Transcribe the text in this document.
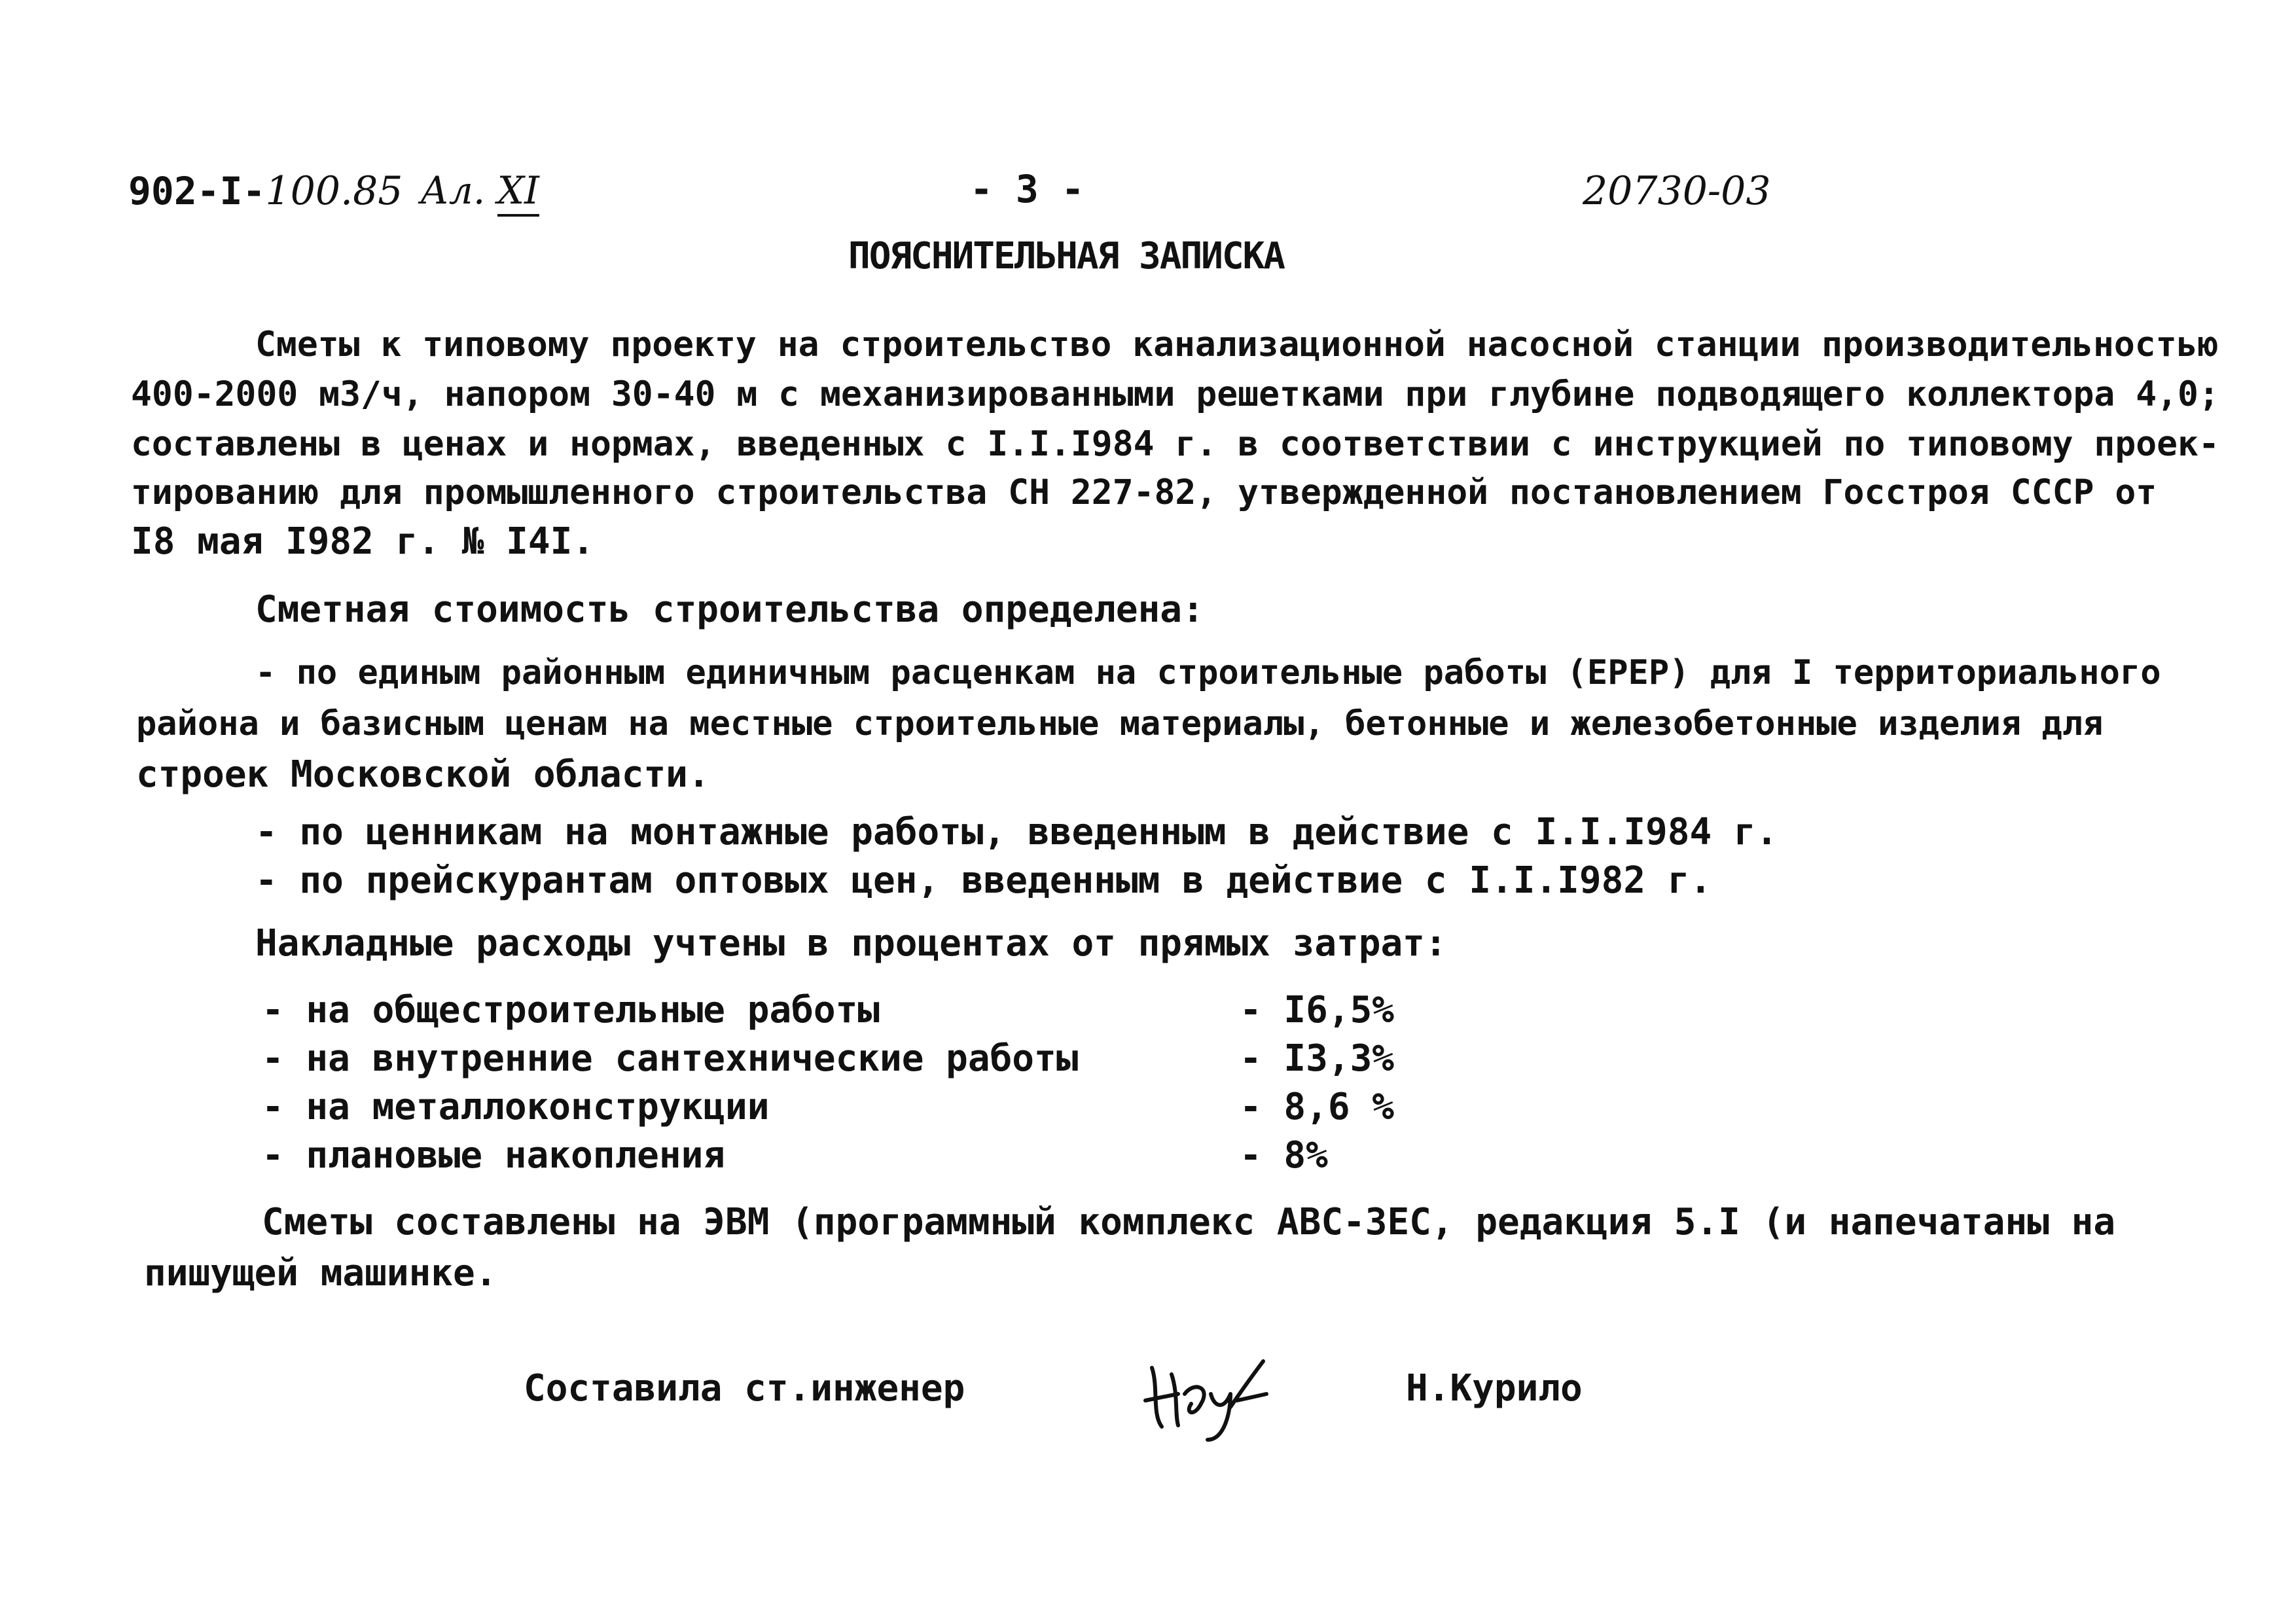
902-I-100.85 Ал. XI	- 3 -	20730-03
ПОЯСНИТЕЛЬНАЯ ЗАПИСКА
Сметы к типовому проекту на строительство канализационной насосной станции производительностью
400-2000 м3/ч, напором 30-40 м с механизированными решетками при глубине подводящего коллектора 4,0;
составлены в ценах и нормах, введенных с I.I.I984 г. в соответствии с инструкцией по типовому проек-
тированию для промышленного строительства СН 227-82, утвержденной постановлением Госстроя СССР от
I8 мая I982 г. № I4I.
Сметная стоимость строительства определена:
- по единым районным единичным расценкам на строительные работы (ЕРЕР) для I территориального
района и базисным ценам на местные строительные материалы, бетонные и железобетонные изделия для
строек Московской области.
- по ценникам на монтажные работы, введенным в действие с I.I.I984 г.
- по прейскурантам оптовых цен, введенным в действие с I.I.I982 г.
Накладные расходы учтены в процентах от прямых затрат:
- на общестроительные работы	- I6,5%
- на внутренние сантехнические работы	- I3,3%
- на металлоконструкции	- 8,6 %
- плановые накопления	- 8%
Сметы составлены на ЭВМ (программный комплекс АВС-ЗЕС, редакция 5.I (и напечатаны на
пишущей машинке.
Составила ст.инженер	Н.Курило
